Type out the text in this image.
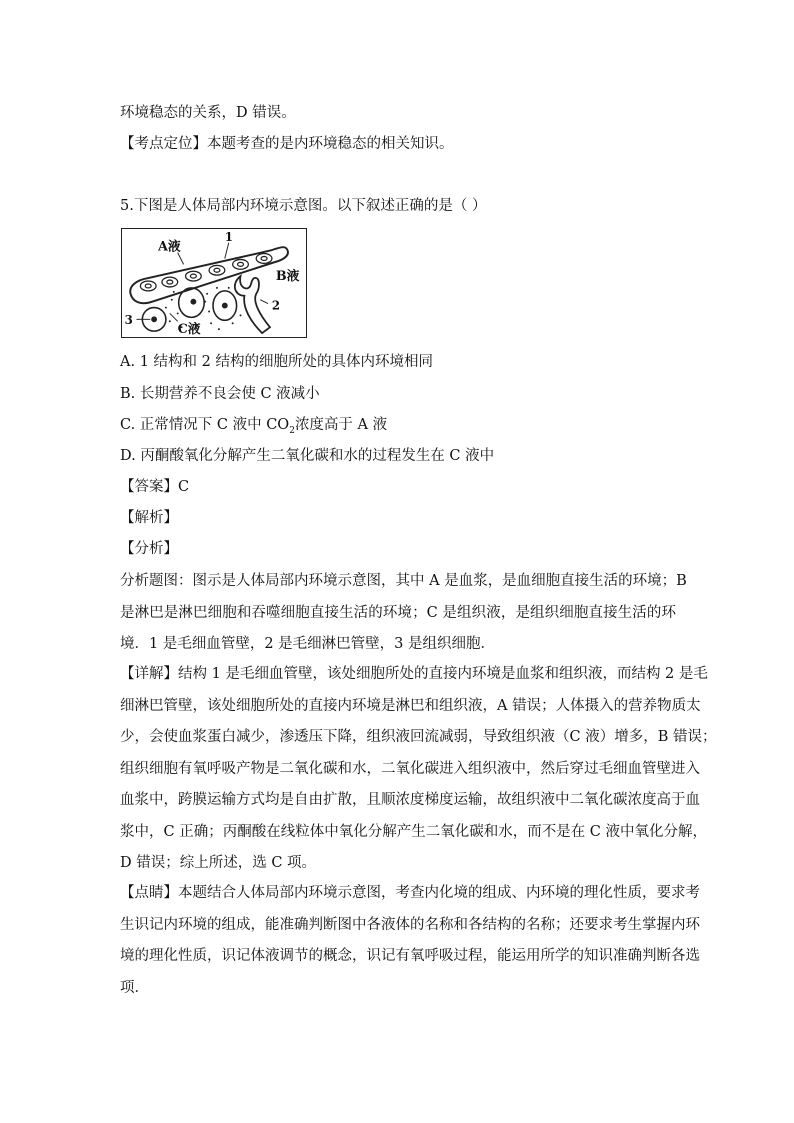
环境稳态的关系，D 错误。
【考点定位】本题考查的是内环境稳态的相关知识。
5.下图是人体局部内环境示意图。以下叙述正确的是（ ）
A液
1
B液
2
3
C液
A. 1 结构和 2 结构的细胞所处的具体内环境相同
B. 长期营养不良会使 C 液减小
C. 正常情况下 C 液中 $CO_2$浓度高于 A 液
D. 丙酮酸氧化分解产生二氧化碳和水的过程发生在 C 液中
【答案】C
【解析】
【分析】
分析题图：图示是人体局部内环境示意图，其中 A 是血浆，是血细胞直接生活的环境；B
是淋巴是淋巴细胞和吞噬细胞直接生活的环境；C 是组织液，是组织细胞直接生活的环
境．1 是毛细血管壁，2 是毛细淋巴管壁，3 是组织细胞．
【详解】结构 1 是毛细血管壁，该处细胞所处的直接内环境是血浆和组织液，而结构 2 是毛
细淋巴管壁，该处细胞所处的直接内环境是淋巴和组织液，A 错误；人体摄入的营养物质太
少，会使血浆蛋白减少，渗透压下降，组织液回流减弱，导致组织液（C 液）增多，B 错误；
组织细胞有氧呼吸产物是二氧化碳和水，二氧化碳进入组织液中，然后穿过毛细血管壁进入
血浆中，跨膜运输方式均是自由扩散，且顺浓度梯度运输，故组织液中二氧化碳浓度高于血
浆中，C 正确；丙酮酸在线粒体中氧化分解产生二氧化碳和水，而不是在 C 液中氧化分解，
D 错误；综上所述，选 C 项。
【点睛】本题结合人体局部内环境示意图，考查内化境的组成、内环境的理化性质，要求考
生识记内环境的组成，能准确判断图中各液体的名称和各结构的名称；还要求考生掌握内环
境的理化性质，识记体液调节的概念，识记有氧呼吸过程，能运用所学的知识准确判断各选
项．
